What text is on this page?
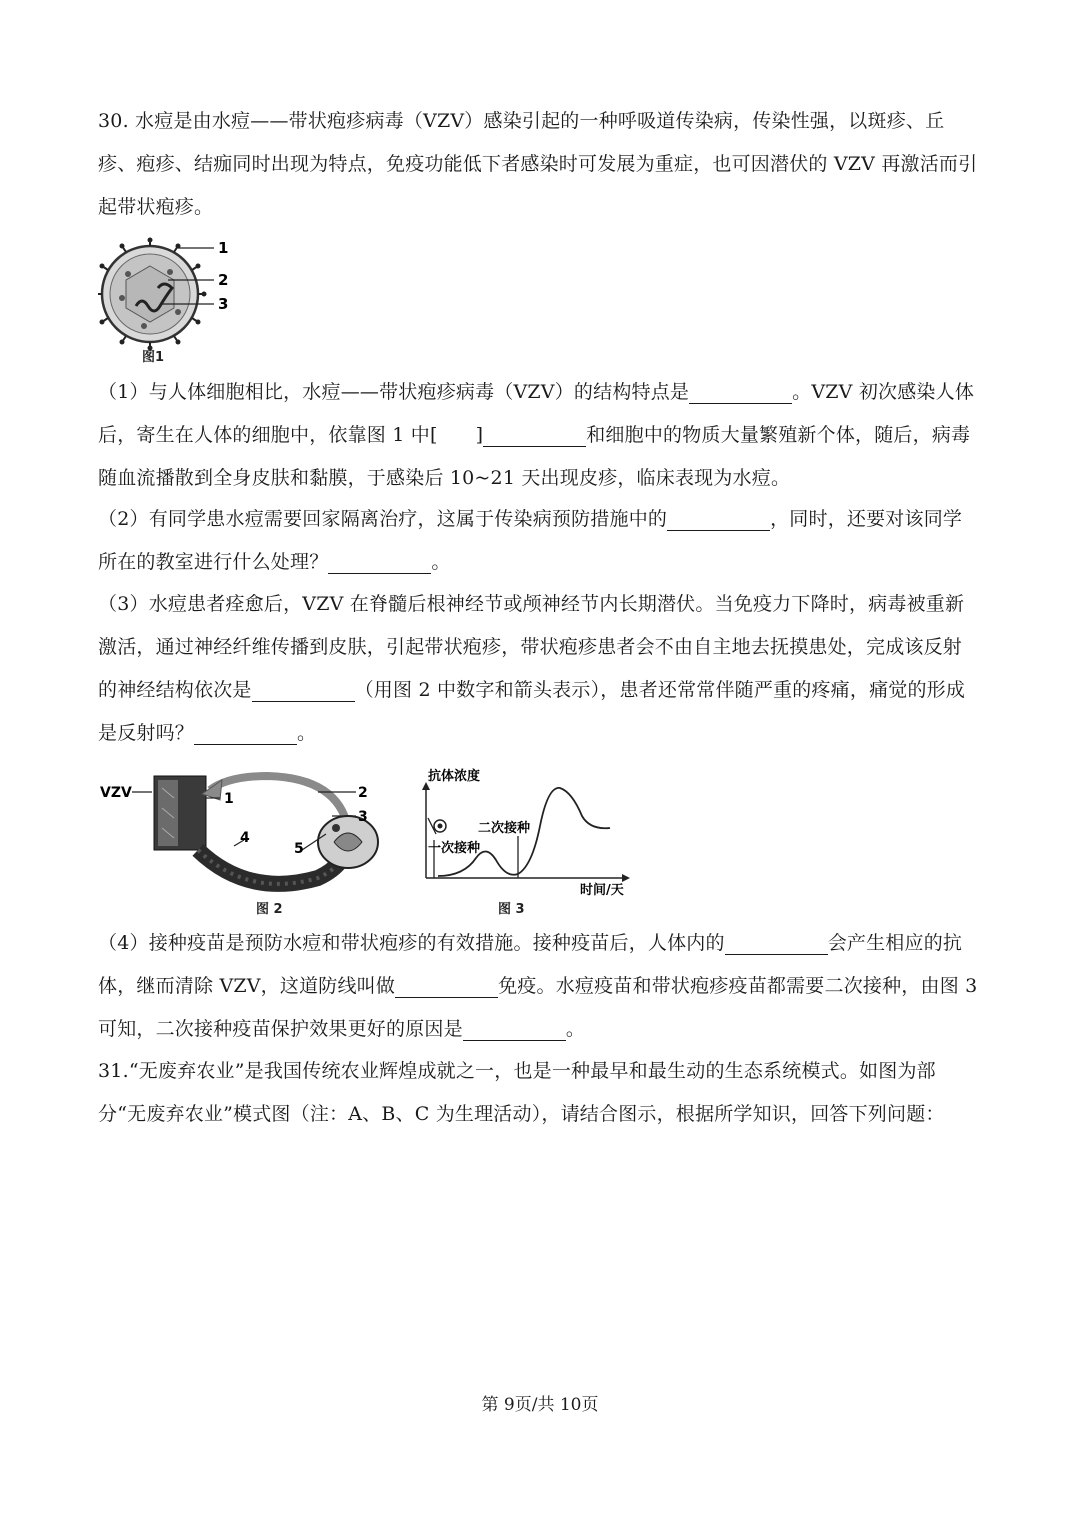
30. 水痘是由水痘——带状疱疹病毒（VZV）感染引起的一种呼吸道传染病，传染性强，以斑疹、丘疹、疱疹、结痂同时出现为特点，免疫功能低下者感染时可发展为重症，也可因潜伏的 VZV 再激活而引起带状疱疹。

1
2
3
图1

（1）与人体细胞相比，水痘——带状疱疹病毒（VZV）的结构特点是	。VZV 初次感染人体后，寄生在人体的细胞中，依靠图 1 中[ ]	和细胞中的物质大量繁殖新个体，随后，病毒随血流播散到全身皮肤和黏膜，于感染后 10~21 天出现皮疹，临床表现为水痘。

（2）有同学患水痘需要回家隔离治疗，这属于传染病预防措施中的	，同时，还要对该同学所在的教室进行什么处理？	。

（3）水痘患者痊愈后，VZV 在脊髓后根神经节或颅神经节内长期潜伏。当免疫力下降时，病毒被重新激活，通过神经纤维传播到皮肤，引起带状疱疹，带状疱疹患者会不由自主地去抚摸患处，完成该反射的神经结构依次是	（用图 2 中数字和箭头表示），患者还常常伴随严重的疼痛，痛觉的形成是反射吗？	。

VZV	1	2
3
4
5
图 2
抗体浓度
一次接种
二次接种
时间/天
图 3

（4）接种疫苗是预防水痘和带状疱疹的有效措施。接种疫苗后，人体内的	会产生相应的抗体，继而清除 VZV，这道防线叫做	免疫。水痘疫苗和带状疱疹疫苗都需要二次接种，由图 3 可知，二次接种疫苗保护效果更好的原因是	。

31.“无废弃农业”是我国传统农业辉煌成就之一，也是一种最早和最生动的生态系统模式。如图为部分“无废弃农业”模式图（注：A、B、C 为生理活动），请结合图示，根据所学知识，回答下列问题：

第 9页/共 10页
